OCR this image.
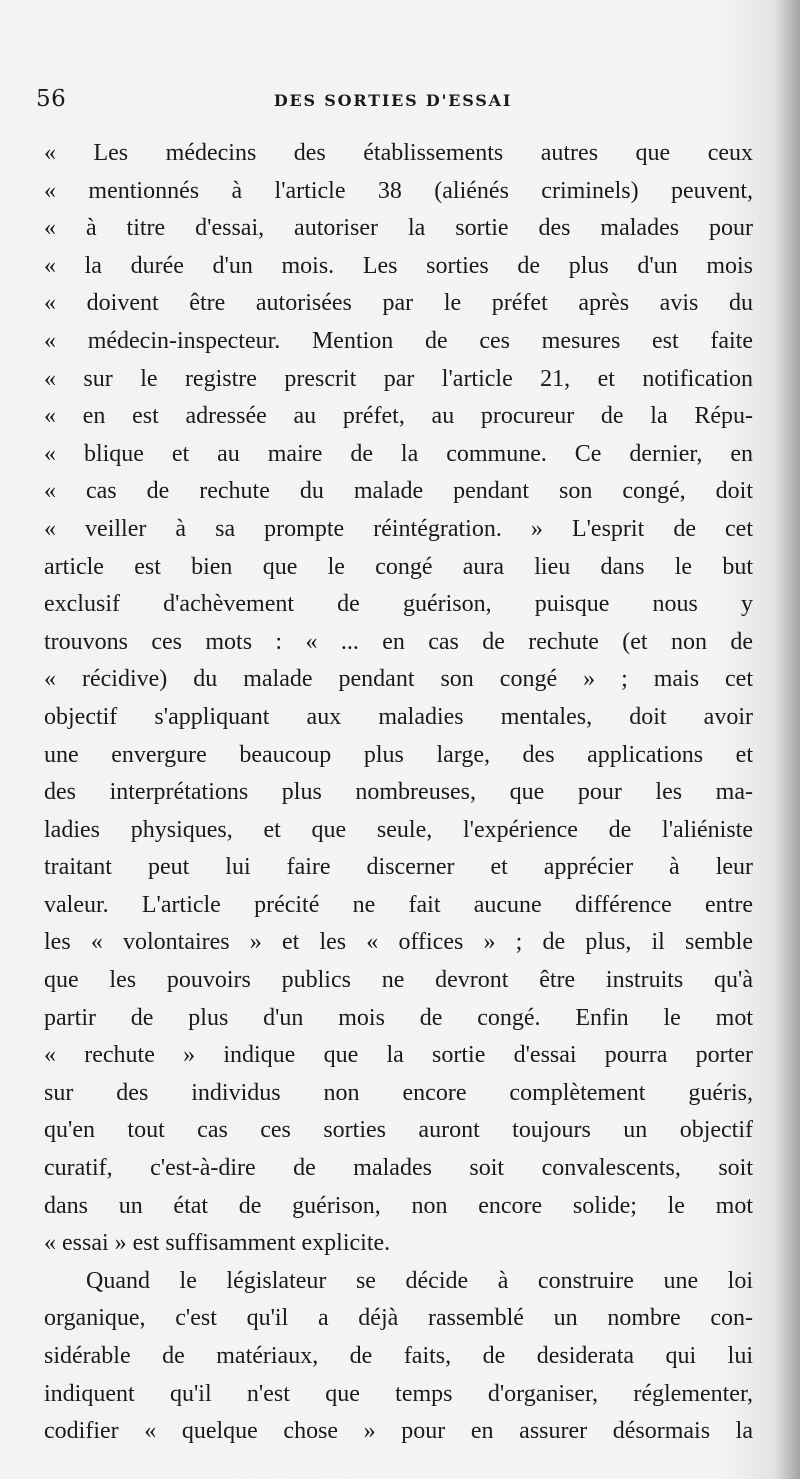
56	DES SORTIES D'ESSAI
« Les médecins des établissements autres que ceux
« mentionnés à l'article 38 (aliénés criminels) peuvent,
« à titre d'essai, autoriser la sortie des malades pour
« la durée d'un mois. Les sorties de plus d'un mois
« doivent être autorisées par le préfet après avis du
« médecin-inspecteur. Mention de ces mesures est faite
« sur le registre prescrit par l'article 21, et notification
« en est adressée au préfet, au procureur de la Répu-
« blique et au maire de la commune. Ce dernier, en
« cas de rechute du malade pendant son congé, doit
« veiller à sa prompte réintégration. » L'esprit de cet
article est bien que le congé aura lieu dans le but
exclusif d'achèvement de guérison, puisque nous y
trouvons ces mots : « ... en cas de rechute (et non de
« récidive) du malade pendant son congé » ; mais cet
objectif s'appliquant aux maladies mentales, doit avoir
une envergure beaucoup plus large, des applications et
des interprétations plus nombreuses, que pour les ma-
ladies physiques, et que seule, l'expérience de l'aliéniste
traitant peut lui faire discerner et apprécier à leur
valeur. L'article précité ne fait aucune différence entre
les « volontaires » et les « offices » ; de plus, il semble
que les pouvoirs publics ne devront être instruits qu'à
partir de plus d'un mois de congé. Enfin le mot
« rechute » indique que la sortie d'essai pourra porter
sur des individus non encore complètement guéris,
qu'en tout cas ces sorties auront toujours un objectif
curatif, c'est-à-dire de malades soit convalescents, soit
dans un état de guérison, non encore solide; le mot
« essai » est suffisamment explicite.
Quand le législateur se décide à construire une loi
organique, c'est qu'il a déjà rassemblé un nombre con-
sidérable de matériaux, de faits, de desiderata qui lui
indiquent qu'il n'est que temps d'organiser, réglementer,
codifier « quelque chose » pour en assurer désormais la
